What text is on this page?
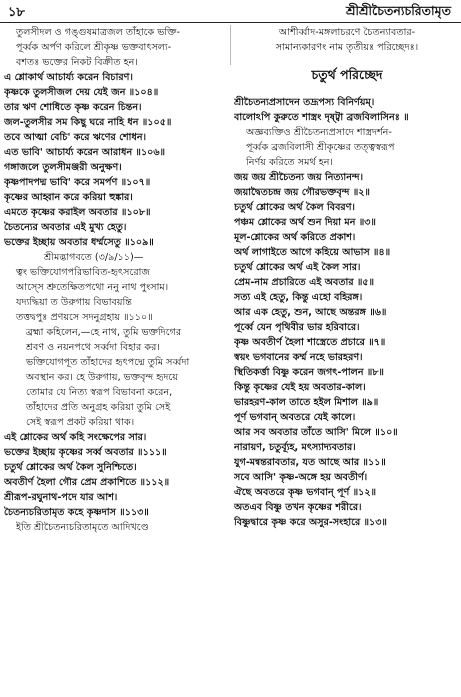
১৮	শ্রীশ্রীচৈতন্যচরিতামৃত
তুলসীদল ও গঙ্গুষমাত্রজল তাঁহাকে ভক্তি-
পূর্ব্বক অর্পণ করিলে শ্রীকৃষ্ণ ভক্তবাৎসল্য-
বশতঃ ভক্তের নিকট বিক্রীত হন।
এ শ্লোকার্থ আচার্য্য করেন বিচারণ।
কৃষ্ণকে তুলসীজল দেয় যেই জন ॥১০৪॥
তার ঋণ শোধিতে কৃষ্ণ করেন চিন্তন।
জল-তুলসীর সম কিছু ঘরে নাহি ধন ॥১০৫॥
তবে আত্মা বেচি' করে ঋণের শোধন।
এত ভাবি' আচার্য্য করেন আরাধন ॥১০৬॥
গঙ্গাজলে তুলসীমঞ্জরী অনুক্ষণ।
কৃষ্ণপাদপদ্ম ভাবি' করে সমর্পণ ॥১০৭॥
কৃষ্ণের আহ্বান করে করিয়া হুঙ্কার।
এমতে কৃষ্ণের করাইল অবতার ॥১০৮॥
চৈতন্যের অবতার এই মুখ্য হেতু।
ভক্তের ইচ্ছায় অবতার ধর্ম্মসেতু ॥১০৯॥
শ্রীমদ্ভাগবতে (৩/৯/১১)—
ত্বং ভক্তিযোগপরিভাবিত-হৃৎসরোজ
আস্সে শ্রুতেক্ষিতপথো ননু নাথ পুংসাম।
যদ্যদ্ধিয়া ত উরুগায় বিভাবয়ন্তি
তত্তদ্বপুঃ প্রণয়সে সদনুগ্রহায় ॥১১০॥
ব্রহ্মা কহিলেন,—হে নাথ, তুমি ভক্তদিগের
শ্রবণ ও নয়নপথে সর্ব্বদা বিহার কর।
ভক্তিযোগপূত তাঁহাদের হৃৎপদ্মে তুমি সর্ব্বদা
অবস্থান কর। হে উরুগায়, ভক্তবৃন্দ হৃদয়ে
তোমার যে নিত্য স্বরূপ বিভাবনা করেন,
তাঁহাদের প্রতি অনুগ্রহ করিয়া তুমি সেই
সেই স্বরূপ প্রকট করিয়া থাক।
এই শ্লোকের অর্থ কহি সংক্ষেপের সার।
ভক্তের ইচ্ছায় কৃষ্ণের সর্ব্ব অবতার ॥১১১॥
চতুর্থ শ্লোকের অর্থ কৈল সুনিশ্চিতে।
অবতীর্ণ হৈলা গৌর প্রেম প্রকাশিতে ॥১১২॥
শ্রীরূপ-রঘুনাথ-পদে যার আশ।
চৈতন্যচরিতামৃত কহে কৃষ্ণদাস ॥১১৩॥
ইতি শ্রীচৈতন্যচরিতামৃতে আদিখণ্ডে
আশীর্ব্বাদ-মঙ্গলাচরণে চৈতন্যাবতার-
সামান্যকারণং নাম তৃতীয়ঃ পরিচ্ছেদঃ।
চতুর্থ পরিচ্ছেদ
শ্রীচৈতন্যপ্রসাদেন তদ্রূপস্য বিনির্ণয়ম্।
বালোঽপি কুরুতে শাস্ত্রং দৃষ্ট্বা ব্রজবিলাসিনঃ ॥
অজ্ঞব্যক্তিও শ্রীচৈতন্যপ্রসাদে শাস্ত্রদর্শন-
পূর্ব্বক ব্রজবিলাসী শ্রীকৃষ্ণের তত্ত্বস্বরূপ
নির্ণয় করিতে সমর্থ হন।
জয় জয় শ্রীচৈতন্য জয় নিত্যানন্দ।
জয়াদ্বৈতচন্দ্র জয় গৌরভক্তবৃন্দ ॥২॥
চতুর্থ শ্লোকের অর্থ কৈল বিবরণ।
পঞ্চম শ্লোকের অর্থ শুন দিয়া মন ॥৩॥
মূল-শ্লোকের অর্থ করিতে প্রকাশ।
অর্থ লাগাইতে আগে কহিয়ে আভাস ॥৪॥
চতুর্থ শ্লোকের অর্থ এই কৈল সার।
প্রেম-নাম প্রচারিতে এই অবতার ॥৫॥
সত্য এই হেতু, কিন্তু এহো বহিরঙ্গ।
আর এক হেতু, শুন, আছে অন্তরঙ্গ ॥৬॥
পূর্ব্বে যেন পৃথিবীর ভার হরিবারে।
কৃষ্ণ অবতীর্ণ হৈলা শাস্ত্রেতে প্রচারে ॥৭॥
স্বয়ং ভগবানের কর্ম্ম নহে ভারহরণ।
স্থিতিকর্ত্তা বিষ্ণু করেন জগৎ-পালন ॥৮॥
কিন্তু কৃষ্ণের যেই হয় অবতার-কাল।
ভারহরণ-কাল তাতে হইল মিশাল ॥৯॥
পূর্ণ ভগবান্ অবতরে যেই কালে।
আর সব অবতার তাঁতে আসি' মিলে ॥১০॥
নারায়ণ, চতুর্ব্যূহ, মৎস্যাদ্যবতার।
যুগ-মন্বন্তরাবতার, যত আছে আর ॥১১॥
সবে আসি' কৃষ্ণ-অঙ্গে হয় অবতীর্ণ।
ঐছে অবতরে কৃষ্ণ ভগবান্ পূর্ণ ॥১২॥
অতএব বিষ্ণু তখন কৃষ্ণের শরীরে।
বিষ্ণুদ্বারে কৃষ্ণ করে অসুর-সংহারে ॥১৩॥
